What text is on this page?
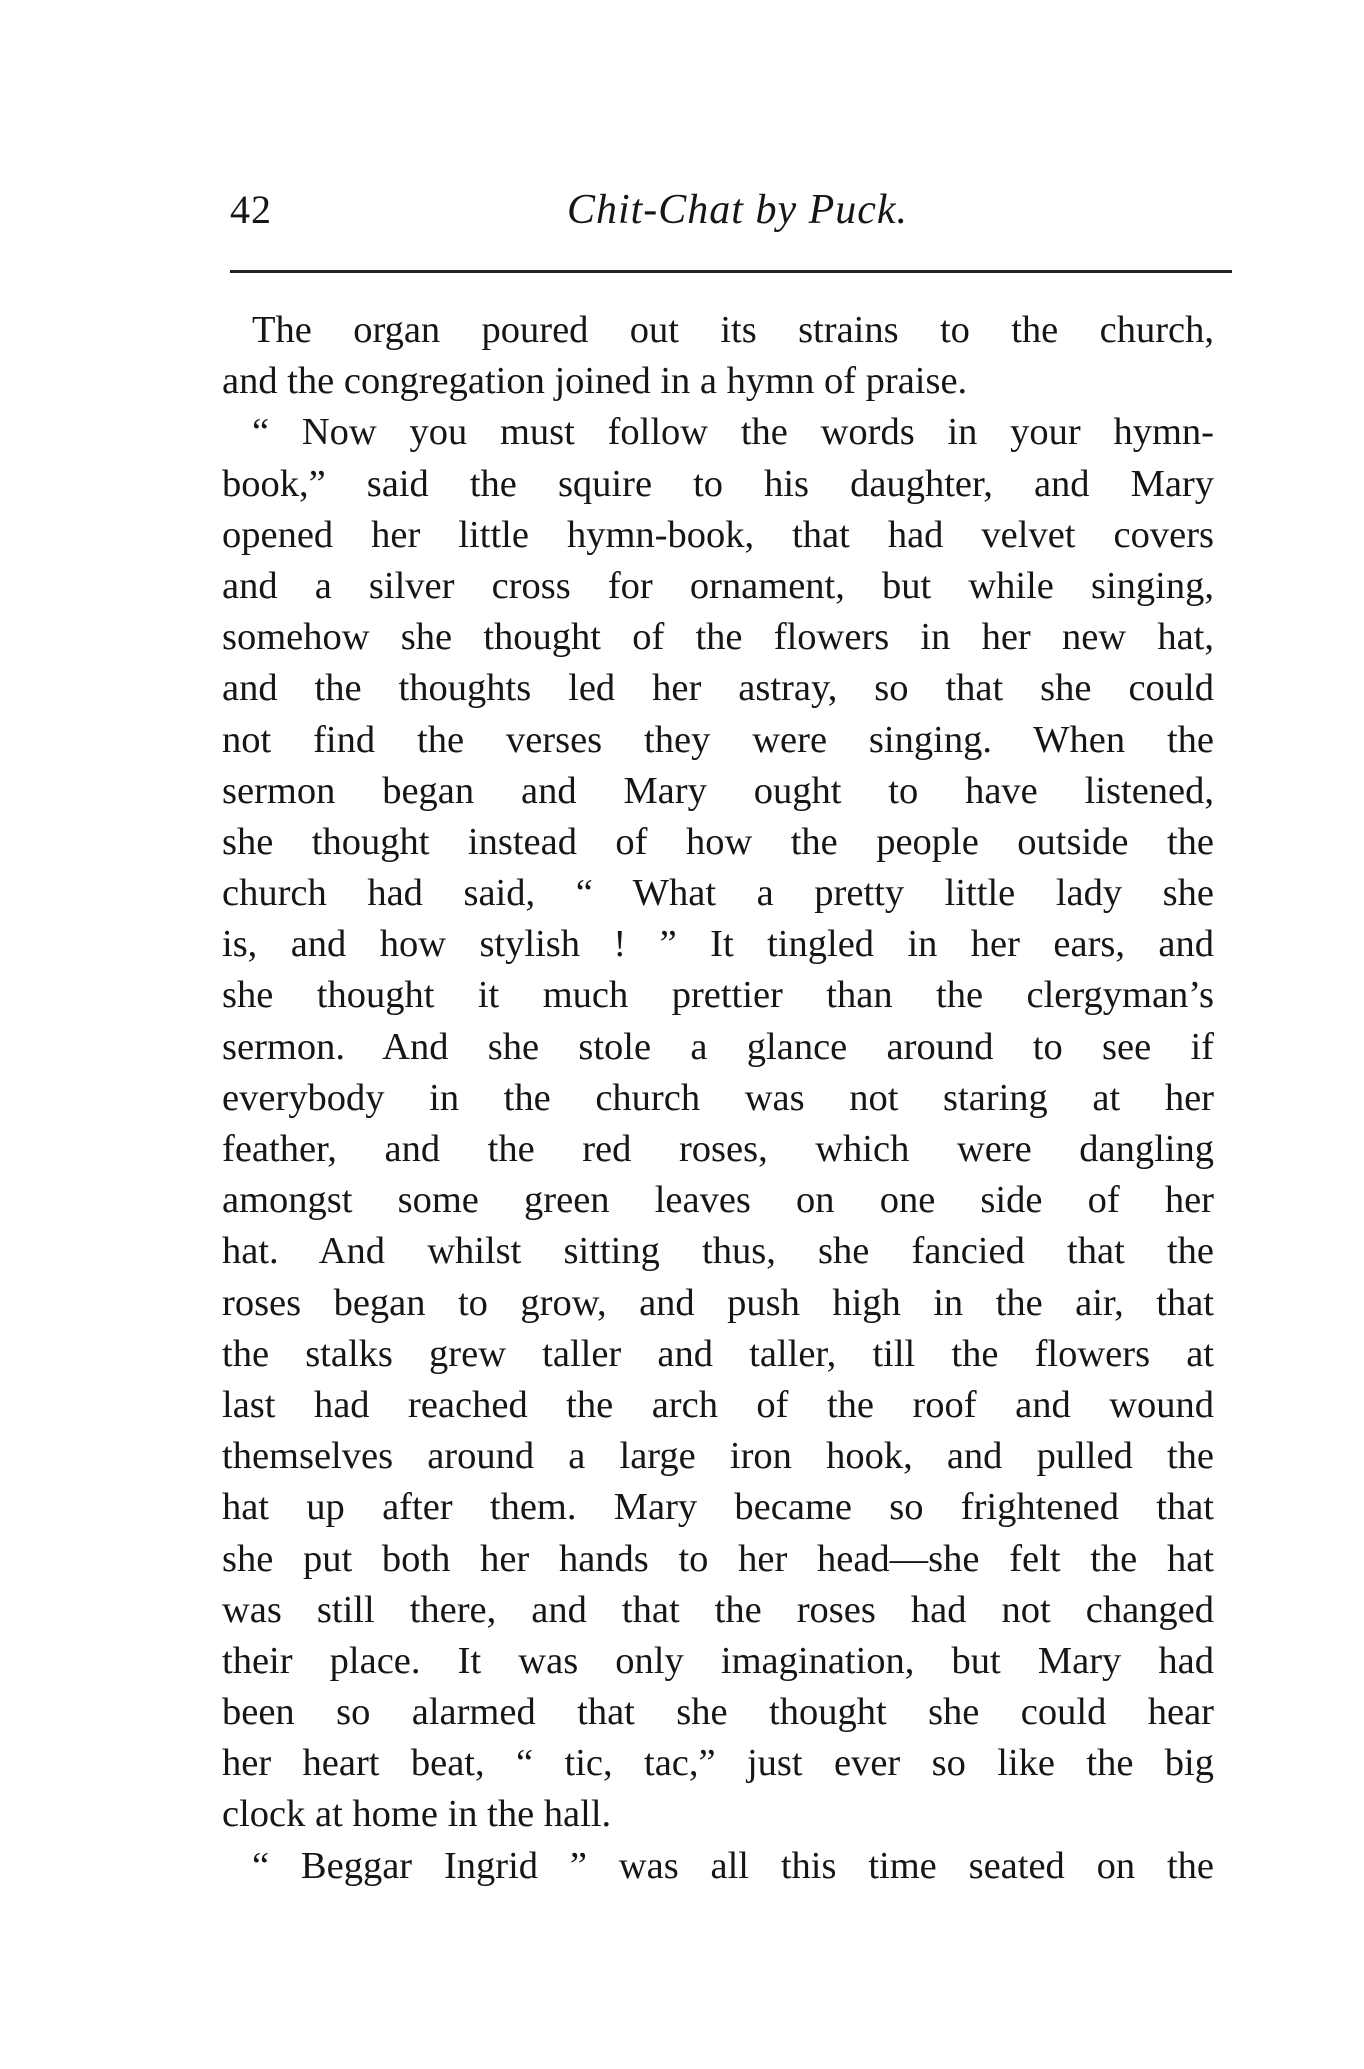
42	Chit-Chat by Puck.
The organ poured out its strains to the church,
and the congregation joined in a hymn of praise.
“ Now you must follow the words in your hymn-
book,” said the squire to his daughter, and Mary
opened her little hymn-book, that had velvet covers
and a silver cross for ornament, but while singing,
somehow she thought of the flowers in her new hat,
and the thoughts led her astray, so that she could
not find the verses they were singing. When the
sermon began and Mary ought to have listened,
she thought instead of how the people outside the
church had said, “ What a pretty little lady she
is, and how stylish ! ” It tingled in her ears, and
she thought it much prettier than the clergyman’s
sermon. And she stole a glance around to see if
everybody in the church was not staring at her
feather, and the red roses, which were dangling
amongst some green leaves on one side of her
hat. And whilst sitting thus, she fancied that the
roses began to grow, and push high in the air, that
the stalks grew taller and taller, till the flowers at
last had reached the arch of the roof and wound
themselves around a large iron hook, and pulled the
hat up after them. Mary became so frightened that
she put both her hands to her head—she felt the hat
was still there, and that the roses had not changed
their place. It was only imagination, but Mary had
been so alarmed that she thought she could hear
her heart beat, “ tic, tac,” just ever so like the big
clock at home in the hall.
“ Beggar Ingrid ” was all this time seated on the
